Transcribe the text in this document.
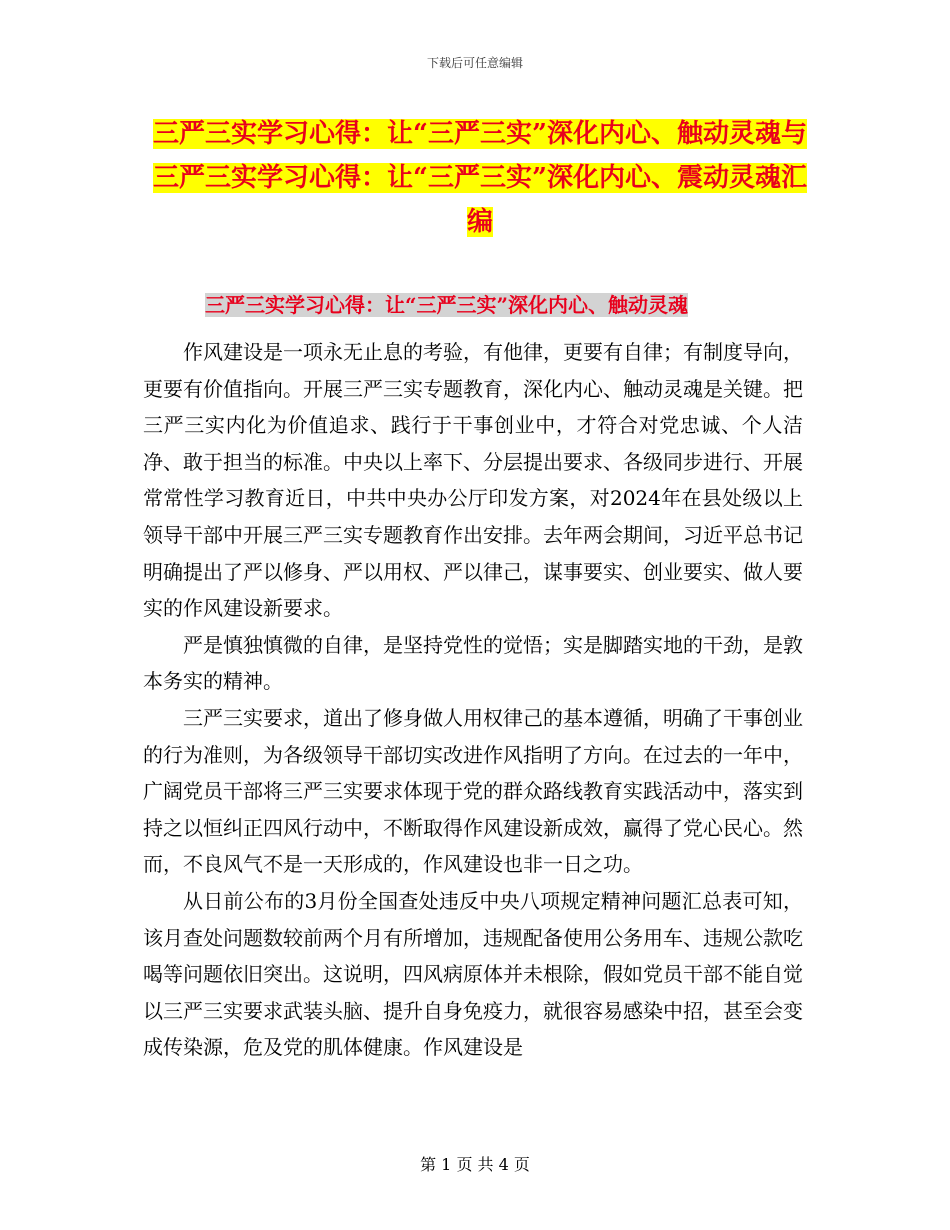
下载后可任意编辑
三严三实学习心得：让“三严三实”深化内心、触动灵魂与三严三实学习心得：让“三严三实”深化内心、震动灵魂汇编
三严三实学习心得：让“三严三实”深化内心、触动灵魂

作风建设是一项永无止息的考验，有他律，更要有自律；有制度导向，更要有价值指向。开展三严三实专题教育，深化内心、触动灵魂是关键。把三严三实内化为价值追求、践行于干事创业中，才符合对党忠诚、个人洁净、敢于担当的标准。中央以上率下、分层提出要求、各级同步进行、开展常常性学习教育近日，中共中央办公厅印发方案，对2024年在县处级以上领导干部中开展三严三实专题教育作出安排。去年两会期间，习近平总书记明确提出了严以修身、严以用权、严以律己，谋事要实、创业要实、做人要实的作风建设新要求。

严是慎独慎微的自律，是坚持党性的觉悟；实是脚踏实地的干劲，是敦本务实的精神。

三严三实要求，道出了修身做人用权律己的基本遵循，明确了干事创业的行为准则，为各级领导干部切实改进作风指明了方向。在过去的一年中，广阔党员干部将三严三实要求体现于党的群众路线教育实践活动中，落实到持之以恒纠正四风行动中，不断取得作风建设新成效，赢得了党心民心。然而，不良风气不是一天形成的，作风建设也非一日之功。

从日前公布的3月份全国查处违反中央八项规定精神问题汇总表可知，该月查处问题数较前两个月有所增加，违规配备使用公务用车、违规公款吃喝等问题依旧突出。这说明，四风病原体并未根除，假如党员干部不能自觉以三严三实要求武装头脑、提升自身免疫力，就很容易感染中招，甚至会变成传染源，危及党的肌体健康。作风建设是

第 1 页 共 4 页
